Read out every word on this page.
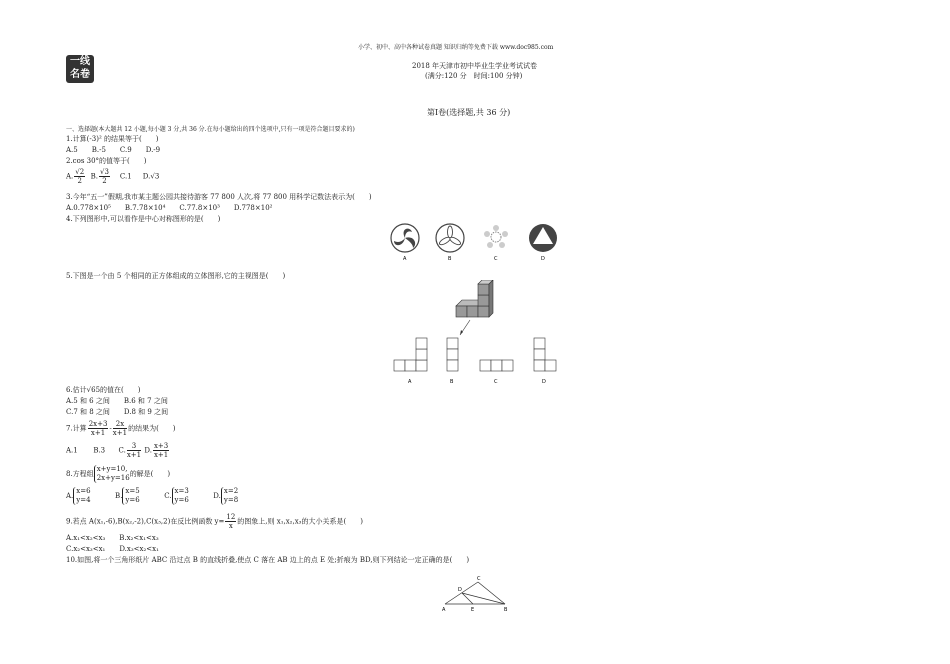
小学、初中、高中各种试卷真题 知识归纳等免费下载 www.doc985.com
一线
名卷
2018 年天津市初中毕业生学业考试试卷
(满分:120 分　时间:100 分钟)
第Ⅰ卷(选择题,共 36 分)
一、选择题(本大题共 12 小题,每小题 3 分,共 36 分.在每小题给出的四个选项中,只有一项是符合题目要求的)
1.计算(-3)² 的结果等于(　　)
A.5　　B.-5　　C.9　　D.-9
2.cos 30°的值等于(　　)
A. $\frac{√2}{2} B$. $\frac{√3}{2} C.1$ D.√3
3.今年“五一”假期,我市某主题公园共接待游客 77 800 人次,将 77 800 用科学记数法表示为(　　)
A.0.778×10⁵　　B.7.78×10⁴　　C.77.8×10³　　D.778×10²
4.下列图形中,可以看作是中心对称图形的是(　　)
A	B	C	D
5.下图是一个由 5 个相同的正方体组成的立体图形,它的主视图是(　　)
A	B	C	D
6.估计√65的值在(　　)
A.5 和 6 之间　　B.6 和 7 之间
C.7 和 8 之间　　D.8 和 9 之间
7.计算 $\frac{2x+3}{x+1} - \frac{2x}{x+1}$ 的结果为(　　)
A.1 B.3 C. $\frac{3}{x+1} D$. $\frac{x+3}{x+1}$
8.方程组x+y=10,
2x+y=16的解是(　　)
A.x=6
y=4	B.x=5
y=6	C.x=3
y=6	D.x=2
y=8
9.若点 A(x₁,-6),B(x₂,-2),C(x₃,2)在反比例函数 $y= \frac{12}{x}$ 的图象上,则 x₁,x₂,x₃的大小关系是(　　)
A.x₁<x₂<x₃　　B.x₂<x₁<x₃
C.x₂<x₃<x₁　　D.x₃<x₂<x₁
10.如图,将一个三角形纸片 ABC 沿过点 B 的直线折叠,使点 C 落在 AB 边上的点 E 处;折痕为 BD,则下列结论一定正确的是(　　)
A	E
D
B
C
